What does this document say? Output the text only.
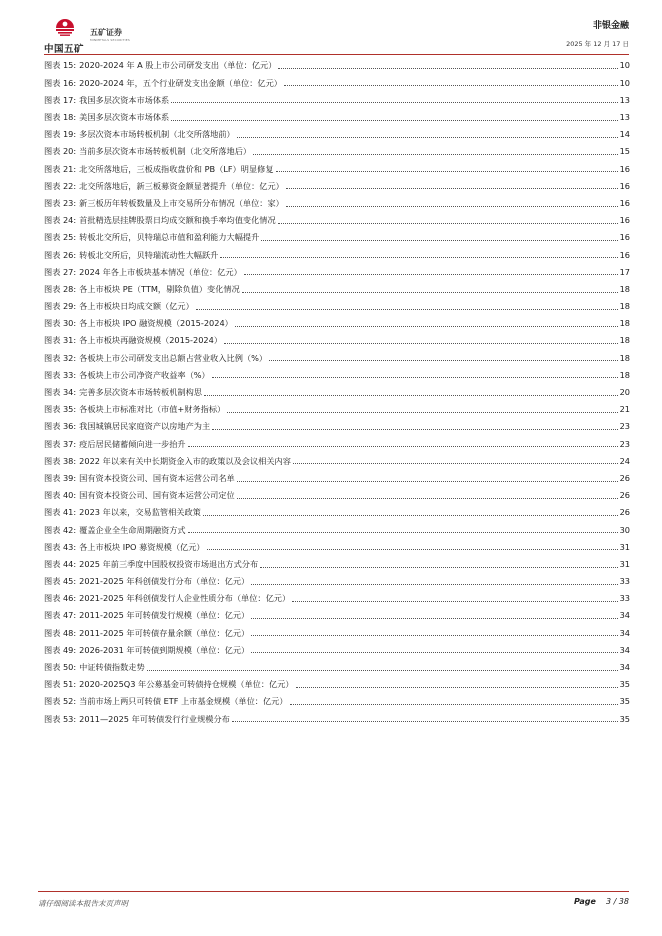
中国五矿
五矿证券
MINMETALS SECURITIES
非银金融
2025 年 12 月 17 日
图表 15: 2020-2024 年 A 股上市公司研发支出（单位：亿元）	10
图表 16: 2020-2024 年，五个行业研发支出金额（单位：亿元）	10
图表 17: 我国多层次资本市场体系	13
图表 18: 美国多层次资本市场体系	13
图表 19: 多层次资本市场转板机制（北交所落地前）	14
图表 20: 当前多层次资本市场转板机制（北交所落地后）	15
图表 21: 北交所落地后，三板成指收盘价和 PB（LF）明显修复	16
图表 22: 北交所落地后，新三板募资金额显著提升（单位：亿元）	16
图表 23: 新三板历年转板数量及上市交易所分布情况（单位：家）	16
图表 24: 首批精选层挂牌股票日均成交额和换手率均值变化情况	16
图表 25: 转板北交所后，贝特瑞总市值和盈利能力大幅提升	16
图表 26: 转板北交所后，贝特瑞流动性大幅跃升	16
图表 27: 2024 年各上市板块基本情况（单位：亿元）	17
图表 28: 各上市板块 PE（TTM，剔除负值）变化情况	18
图表 29: 各上市板块日均成交额（亿元）	18
图表 30: 各上市板块 IPO 融资规模（2015-2024）	18
图表 31: 各上市板块再融资规模（2015-2024）	18
图表 32: 各板块上市公司研发支出总额占营业收入比例（%）	18
图表 33: 各板块上市公司净资产收益率（%）	18
图表 34: 完善多层次资本市场转板机制构思	20
图表 35: 各板块上市标准对比（市值+财务指标）	21
图表 36: 我国城镇居民家庭资产以房地产为主	23
图表 37: 疫后居民储蓄倾向进一步抬升	23
图表 38: 2022 年以来有关中长期资金入市的政策以及会议相关内容	24
图表 39: 国有资本投资公司、国有资本运营公司名单	26
图表 40: 国有资本投资公司、国有资本运营公司定位	26
图表 41: 2023 年以来，交易监管相关政策	26
图表 42: 覆盖企业全生命周期融资方式	30
图表 43: 各上市板块 IPO 募资规模（亿元）	31
图表 44: 2025 年前三季度中国股权投资市场退出方式分布	31
图表 45: 2021-2025 年科创债发行分布（单位：亿元）	33
图表 46: 2021-2025 年科创债发行人企业性质分布（单位：亿元）	33
图表 47: 2011-2025 年可转债发行规模（单位：亿元）	34
图表 48: 2011-2025 年可转债存量余额（单位：亿元）	34
图表 49: 2026-2031 年可转债到期规模（单位：亿元）	34
图表 50: 中证转债指数走势	34
图表 51: 2020-2025Q3 年公募基金可转债持仓规模（单位：亿元）	35
图表 52: 当前市场上两只可转债 ETF 上市基金规模（单位：亿元）	35
图表 53: 2011—2025 年可转债发行行业规模分布	35
请仔细阅读本报告末页声明	Page 3 / 38
